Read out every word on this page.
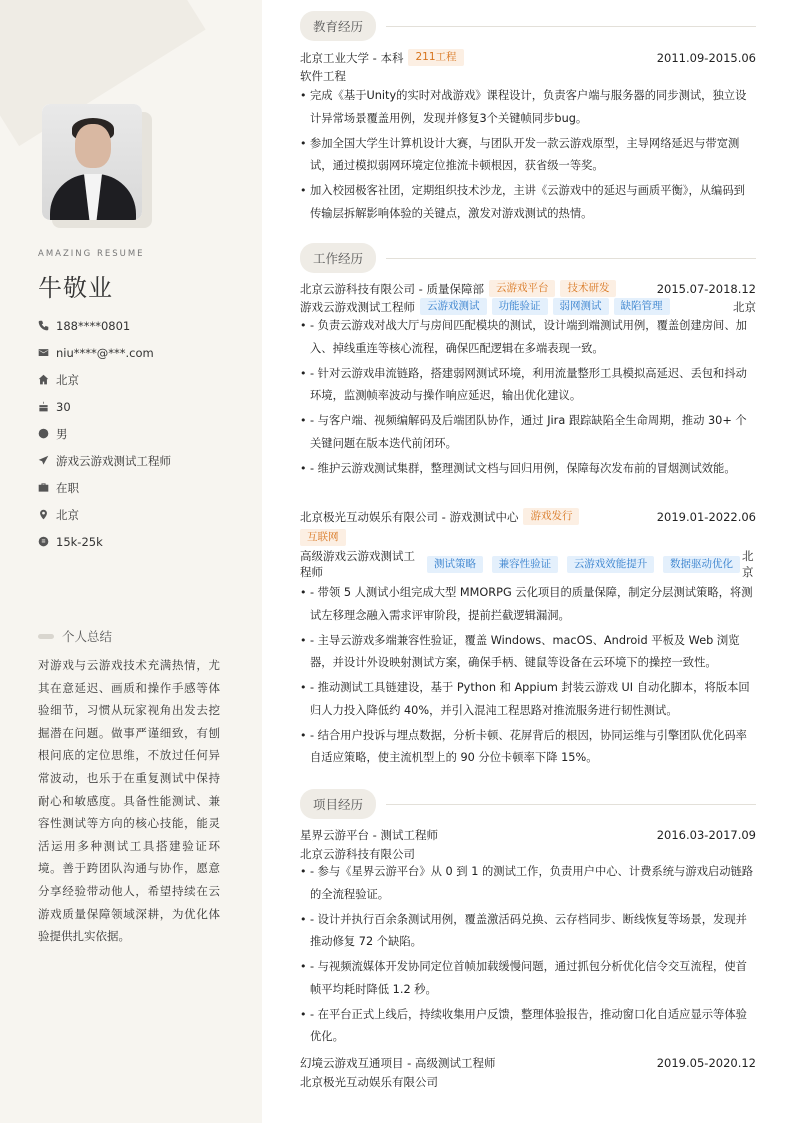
AMAZING RESUME
牛敬业
188****0801
niu****@***.com
北京
30
男
游戏云游戏测试工程师
在职
北京
15k-25k
个人总结
对游戏与云游戏技术充满热情，尤其在意延迟、画质和操作手感等体验细节，习惯从玩家视角出发去挖掘潜在问题。做事严谨细致，有刨根问底的定位思维，不放过任何异常波动，也乐于在重复测试中保持耐心和敏感度。具备性能测试、兼容性测试等方向的核心技能，能灵活运用多种测试工具搭建验证环境。善于跨团队沟通与协作，愿意分享经验带动他人，希望持续在云游戏质量保障领域深耕，为优化体验提供扎实依据。
教育经历
北京工业大学 - 本科	211工程	2011.09-2015.06
软件工程
• 完成《基于Unity的实时对战游戏》课程设计，负责客户端与服务器的同步测试，独立设计异常场景覆盖用例，发现并修复3个关键帧同步bug。
• 参加全国大学生计算机设计大赛，与团队开发一款云游戏原型，主导网络延迟与带宽测试，通过模拟弱网环境定位推流卡顿根因，获省级一等奖。
• 加入校园极客社团，定期组织技术沙龙，主讲《云游戏中的延迟与画质平衡》，从编码到传输层拆解影响体验的关键点，激发对游戏测试的热情。
工作经历
北京云游科技有限公司 - 质量保障部	云游戏平台	技术研发	2015.07-2018.12
游戏云游戏测试工程师	云游戏测试	功能验证	弱网测试	缺陷管理	北京
• - 负责云游戏对战大厅与房间匹配模块的测试，设计端到端测试用例，覆盖创建房间、加入、掉线重连等核心流程，确保匹配逻辑在多端表现一致。
• - 针对云游戏串流链路，搭建弱网测试环境，利用流量整形工具模拟高延迟、丢包和抖动环境，监测帧率波动与操作响应延迟，输出优化建议。
• - 与客户端、视频编解码及后端团队协作，通过 Jira 跟踪缺陷全生命周期，推动 30+ 个关键问题在版本迭代前闭环。
• - 维护云游戏测试集群，整理测试文档与回归用例，保障每次发布前的冒烟测试效能。
北京极光互动娱乐有限公司 - 游戏测试中心	游戏发行	2019.01-2022.06
互联网
高级游戏云游戏测试工程师
测试策略 兼容性验证 云游戏效能提升 数据驱动优化
北京
• - 带领 5 人测试小组完成大型 MMORPG 云化项目的质量保障，制定分层测试策略，将测试左移理念融入需求评审阶段，提前拦截逻辑漏洞。
• - 主导云游戏多端兼容性验证，覆盖 Windows、macOS、Android 平板及 Web 浏览器，并设计外设映射测试方案，确保手柄、键鼠等设备在云环境下的操控一致性。
• - 推动测试工具链建设，基于 Python 和 Appium 封装云游戏 UI 自动化脚本，将版本回归人力投入降低约 40%，并引入混沌工程思路对推流服务进行韧性测试。
• - 结合用户投诉与埋点数据，分析卡顿、花屏背后的根因，协同运维与引擎团队优化码率自适应策略，使主流机型上的 90 分位卡顿率下降 15%。
项目经历
星界云游平台 - 测试工程师	2016.03-2017.09
北京云游科技有限公司
• - 参与《星界云游平台》从 0 到 1 的测试工作，负责用户中心、计费系统与游戏启动链路的全流程验证。
• - 设计并执行百余条测试用例，覆盖激活码兑换、云存档同步、断线恢复等场景，发现并推动修复 72 个缺陷。
• - 与视频流媒体开发协同定位首帧加载缓慢问题，通过抓包分析优化信令交互流程，使首帧平均耗时降低 1.2 秒。
• - 在平台正式上线后，持续收集用户反馈，整理体验报告，推动窗口化自适应显示等体验优化。
幻境云游戏互通项目 - 高级测试工程师	2019.05-2020.12
北京极光互动娱乐有限公司
